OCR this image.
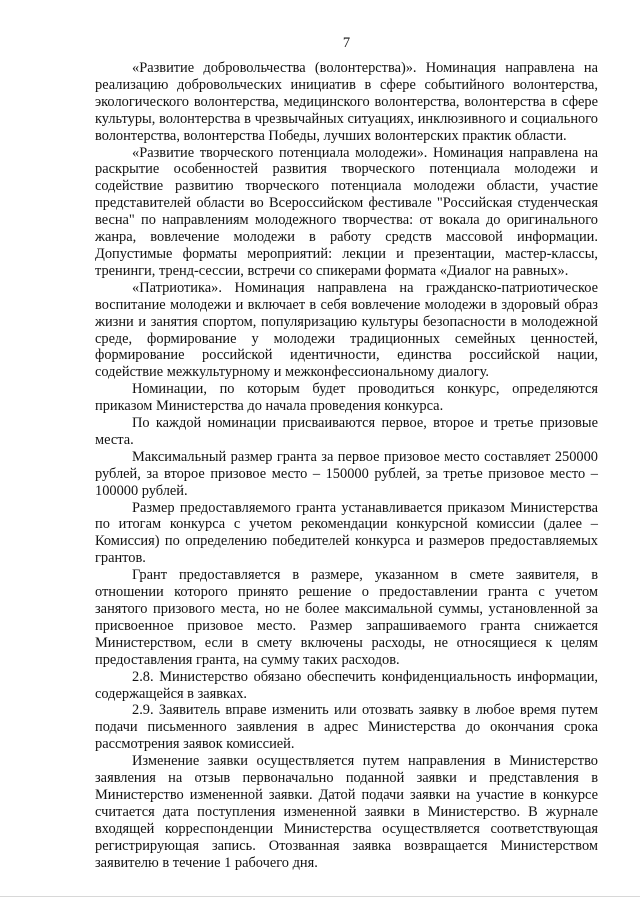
7

«Развитие добровольчества (волонтерства)». Номинация направлена на реализацию добровольческих инициатив в сфере событийного волонтерства, экологического волонтерства, медицинского волонтерства, волонтерства в сфере культуры, волонтерства в чрезвычайных ситуациях, инклюзивного и социального волонтерства, волонтерства Победы, лучших волонтерских практик области.

«Развитие творческого потенциала молодежи». Номинация направлена на раскрытие особенностей развития творческого потенциала молодежи и содействие развитию творческого потенциала молодежи области, участие представителей области во Всероссийском фестивале "Российская студенческая весна" по направлениям молодежного творчества: от вокала до оригинального жанра, вовлечение молодежи в работу средств массовой информации. Допустимые форматы мероприятий: лекции и презентации, мастер-классы, тренинги, тренд-сессии, встречи со спикерами формата «Диалог на равных».

«Патриотика». Номинация направлена на гражданско-патриотическое воспитание молодежи и включает в себя вовлечение молодежи в здоровый образ жизни и занятия спортом, популяризацию культуры безопасности в молодежной среде, формирование у молодежи традиционных семейных ценностей, формирование российской идентичности, единства российской нации, содействие межкультурному и межконфессиональному диалогу.

Номинации, по которым будет проводиться конкурс, определяются приказом Министерства до начала проведения конкурса.

По каждой номинации присваиваются первое, второе и третье призовые места.

Максимальный размер гранта за первое призовое место составляет 250000 рублей, за второе призовое место – 150000 рублей, за третье призовое место – 100000 рублей.

Размер предоставляемого гранта устанавливается приказом Министерства по итогам конкурса с учетом рекомендации конкурсной комиссии (далее – Комиссия) по определению победителей конкурса и размеров предоставляемых грантов.

Грант предоставляется в размере, указанном в смете заявителя, в отношении которого принято решение о предоставлении гранта с учетом занятого призового места, но не более максимальной суммы, установленной за присвоенное призовое место. Размер запрашиваемого гранта снижается Министерством, если в смету включены расходы, не относящиеся к целям предоставления гранта, на сумму таких расходов.

2.8. Министерство обязано обеспечить конфиденциальность информации, содержащейся в заявках.

2.9. Заявитель вправе изменить или отозвать заявку в любое время путем подачи письменного заявления в адрес Министерства до окончания срока рассмотрения заявок комиссией.

Изменение заявки осуществляется путем направления в Министерство заявления на отзыв первоначально поданной заявки и представления в Министерство измененной заявки. Датой подачи заявки на участие в конкурсе считается дата поступления измененной заявки в Министерство. В журнале входящей корреспонденции Министерства осуществляется соответствующая регистрирующая запись. Отозванная заявка возвращается Министерством заявителю в течение 1 рабочего дня.
